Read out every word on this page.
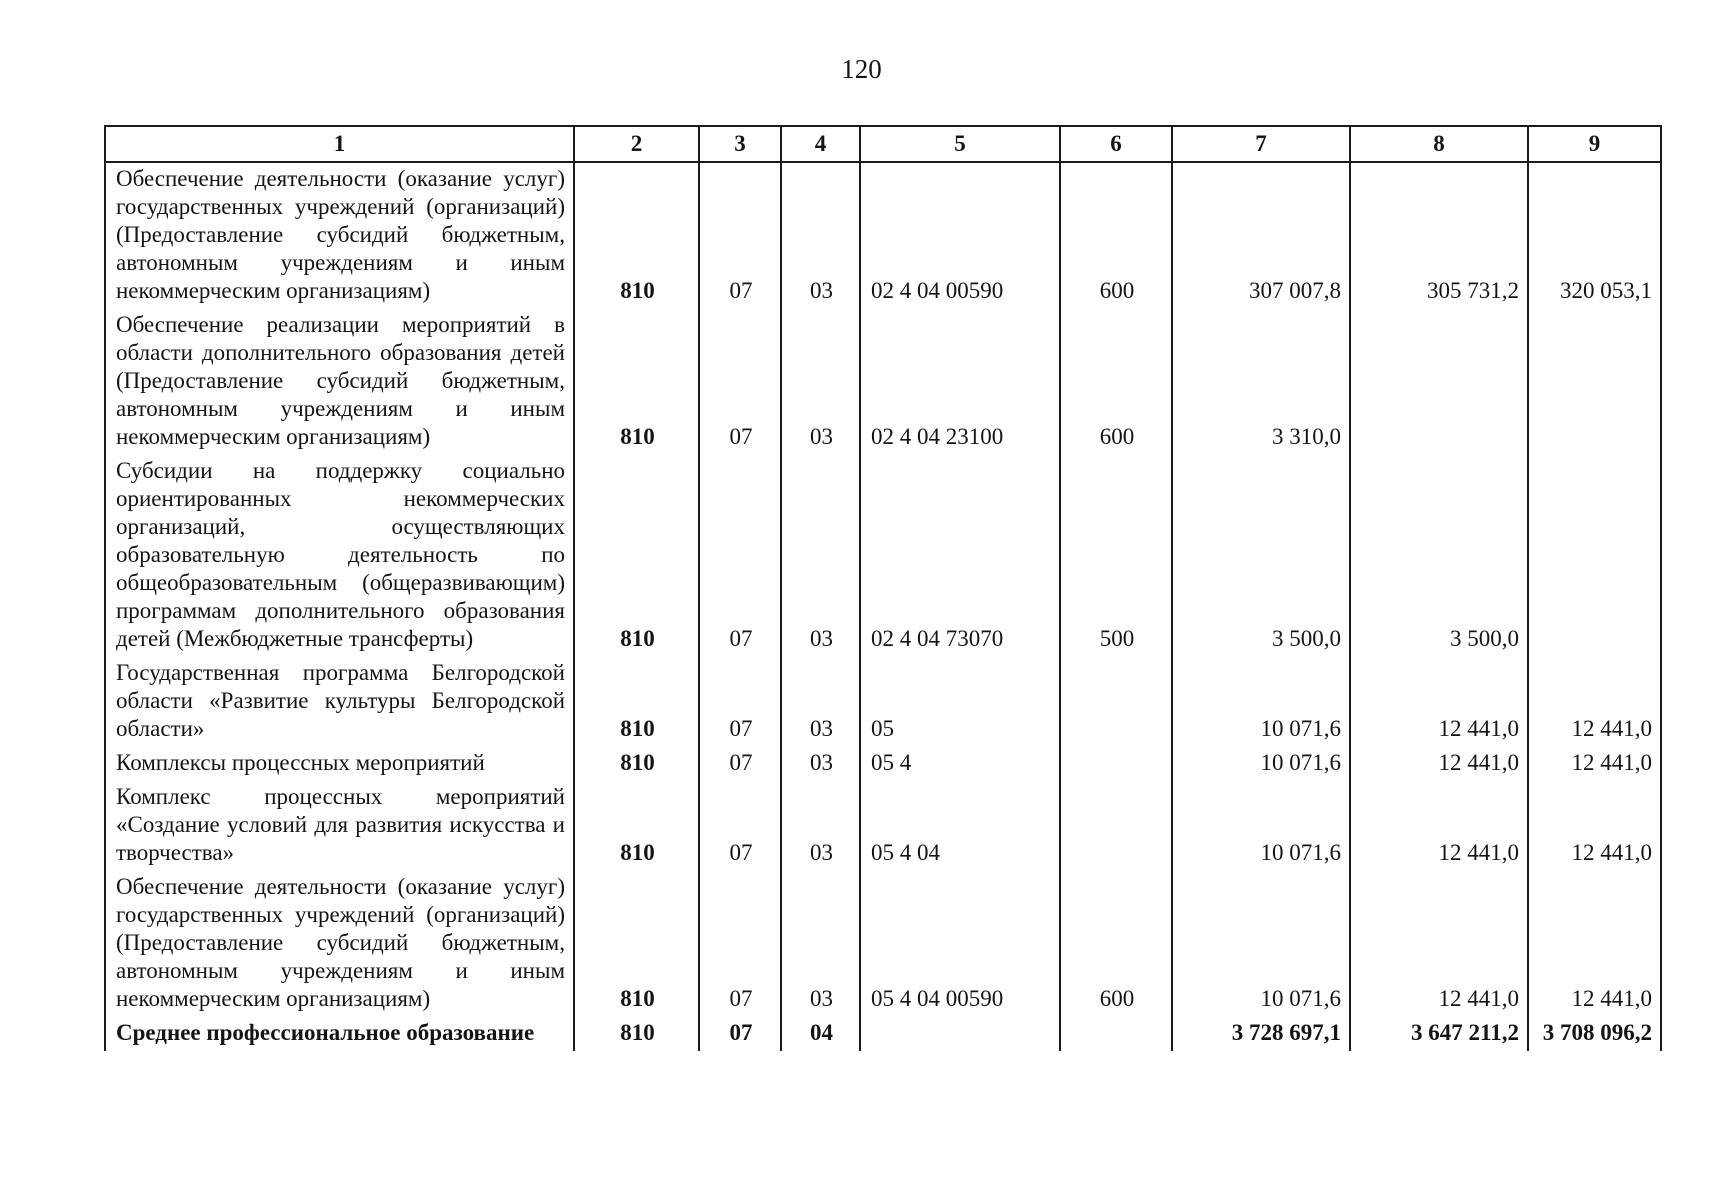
120
1	2	3	4	5	6	7	8	9
Обеспечение деятельности (оказание услуг) государственных учреждений (организаций) (Предоставление субсидий бюджетным, автономным учреждениям и иным некоммерческим организациям)	810	07	03	02 4 04 00590	600	307 007,8	305 731,2	320 053,1
Обеспечение реализации мероприятий в области дополнительного образования детей (Предоставление субсидий бюджетным, автономным учреждениям и иным некоммерческим организациям)	810	07	03	02 4 04 23100	600	3 310,0		
Субсидии на поддержку социально ориентированных некоммерческих организаций, осуществляющих образовательную деятельность по общеобразовательным (общеразвивающим) программам дополнительного образования детей (Межбюджетные трансферты)	810	07	03	02 4 04 73070	500	3 500,0	3 500,0	
Государственная программа Белгородской области «Развитие культуры Белгородской области»	810	07	03	05		10 071,6	12 441,0	12 441,0
Комплексы процессных мероприятий	810	07	03	05 4		10 071,6	12 441,0	12 441,0
Комплекс процессных мероприятий «Создание условий для развития искусства и творчества»	810	07	03	05 4 04		10 071,6	12 441,0	12 441,0
Обеспечение деятельности (оказание услуг) государственных учреждений (организаций) (Предоставление субсидий бюджетным, автономным учреждениям и иным некоммерческим организациям)	810	07	03	05 4 04 00590	600	10 071,6	12 441,0	12 441,0
Среднее профессиональное образование	810	07	04			3 728 697,1	3 647 211,2	3 708 096,2
